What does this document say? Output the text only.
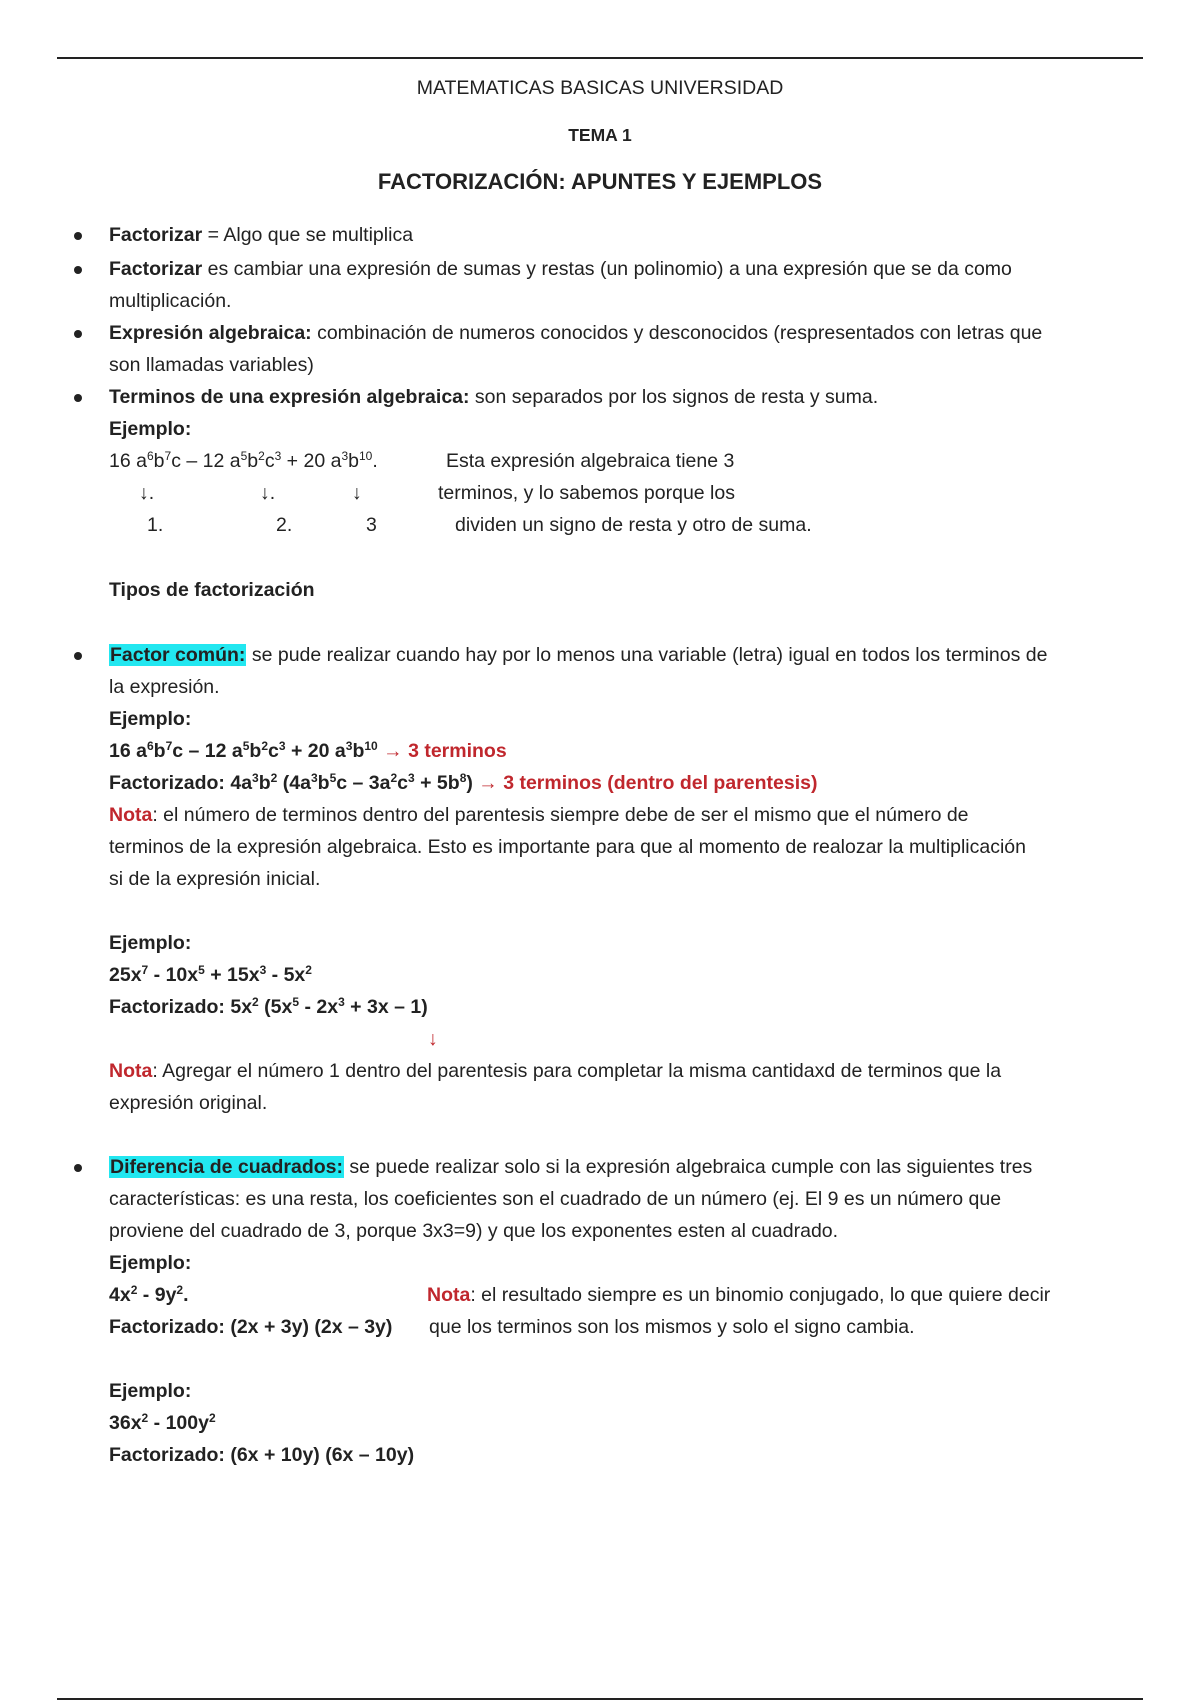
MATEMATICAS BASICAS UNIVERSIDAD
TEMA 1
FACTORIZACIÓN: APUNTES Y EJEMPLOS
Factorizar = Algo que se multiplica
Factorizar es cambiar una expresión de sumas y restas (un polinomio) a una expresión que se da como
multiplicación.
Expresión algebraica: combinación de numeros conocidos y desconocidos (respresentados con letras que
son llamadas variables)
Terminos de una expresión algebraica: son separados por los signos de resta y suma.
Ejemplo:
16 $a^6b^7c - 12$ $a^5b^2c^3 + 20$ $a^3b^{10}$.	Esta expresión algebraica tiene 3
↓.	↓.	↓	terminos, y lo sabemos porque los
1.	2.	3	dividen un signo de resta y otro de suma.
Tipos de factorización
Factor común: se pude realizar cuando hay por lo menos una variable (letra) igual en todos los terminos de
la expresión.
Ejemplo:
16 $a^6b^7c - 12$ $a^5b^2c^3 + 20$ $a^3b^{10} \to 3$ terminos
Factorizado: $4a^3b^2$ $(4a^3b^5c - 3a^2c^3 + 5b^8) \to 3$ terminos (dentro del parentesis)
Nota: el número de terminos dentro del parentesis siempre debe de ser el mismo que el número de
terminos de la expresión algebraica. Esto es importante para que al momento de realozar la multiplicación
si de la expresión inicial.
Ejemplo:
$25x^7 - 10x^5 + 15x^3 - 5x^2$
Factorizado: $5x^2$ $(5x^5 - 2x^3 + 3x - 1)$
↓
Nota: Agregar el número 1 dentro del parentesis para completar la misma cantidaxd de terminos que la
expresión original.
Diferencia de cuadrados: se puede realizar solo si la expresión algebraica cumple con las siguientes tres
características: es una resta, los coeficientes son el cuadrado de un número (ej. El 9 es un número que
proviene del cuadrado de 3, porque 3x3=9) y que los exponentes esten al cuadrado.
Ejemplo:
$4x^2 - 9y^2$.	Nota: el resultado siempre es un binomio conjugado, lo que quiere decir
Factorizado: (2x + 3y) (2x – 3y) que los terminos son los mismos y solo el signo cambia.
Ejemplo:
$36x^2 - 100y^2$
Factorizado: (6x + 10y) (6x – 10y)
